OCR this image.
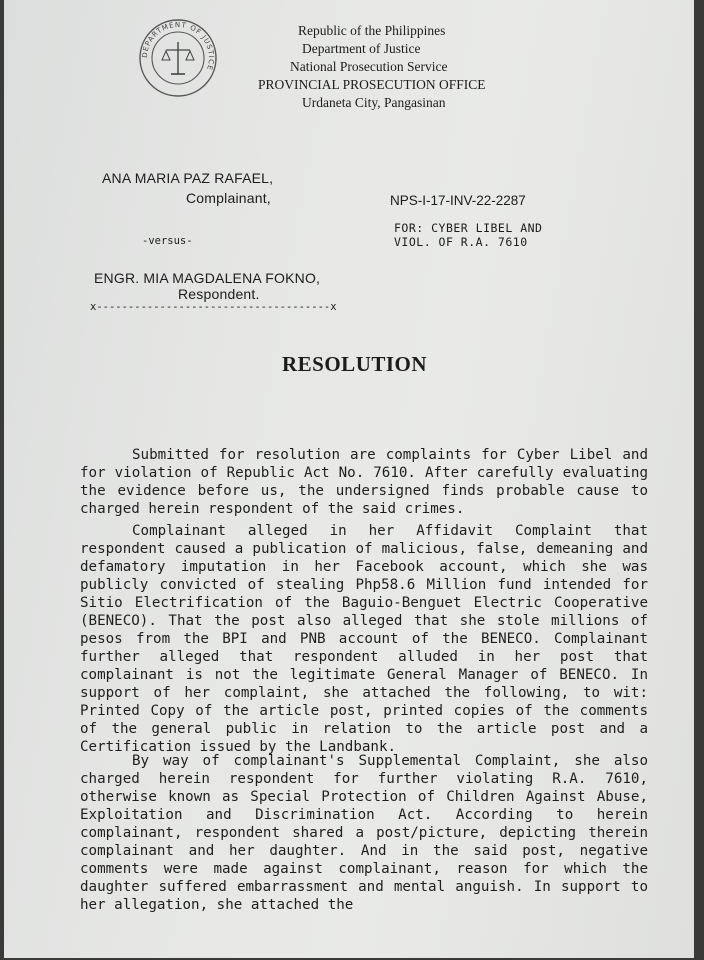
DEPARTMENT OF JUSTICE
Republic of the Philippines
Department of Justice
National Prosecution Service
PROVINCIAL PROSECUTION OFFICE
Urdaneta City, Pangasinan
ANA MARIA PAZ RAFAEL,
Complainant,	NPS-I-17-INV-22-2287
FOR: CYBER LIBEL AND
VIOL. OF R.A. 7610
-versus-
ENGR. MIA MAGDALENA FOKNO,
Respondent.
x-------------------------------------x
RESOLUTION

Submitted for resolution are complaints for Cyber Libel and for violation of Republic Act No. 7610. After carefully evaluating the evidence before us, the undersigned finds probable cause to charged herein respondent of the said crimes.

Complainant alleged in her Affidavit Complaint that respondent caused a publication of malicious, false, demeaning and defamatory imputation in her Facebook account, which she was publicly convicted of stealing Php58.6 Million fund intended for Sitio Electrification of the Baguio-Benguet Electric Cooperative (BENECO). That the post also alleged that she stole millions of pesos from the BPI and PNB account of the BENECO. Complainant further alleged that respondent alluded in her post that complainant is not the legitimate General Manager of BENECO. In support of her complaint, she attached the following, to wit: Printed Copy of the article post, printed copies of the comments of the general public in relation to the article post and a Certification issued by the Landbank.

By way of complainant's Supplemental Complaint, she also charged herein respondent for further violating R.A. 7610, otherwise known as Special Protection of Children Against Abuse, Exploitation and Discrimination Act. According to herein complainant, respondent shared a post/picture, depicting therein complainant and her daughter. And in the said post, negative comments were made against complainant, reason for which the daughter suffered embarrassment and mental anguish. In support to her allegation, she attached the
